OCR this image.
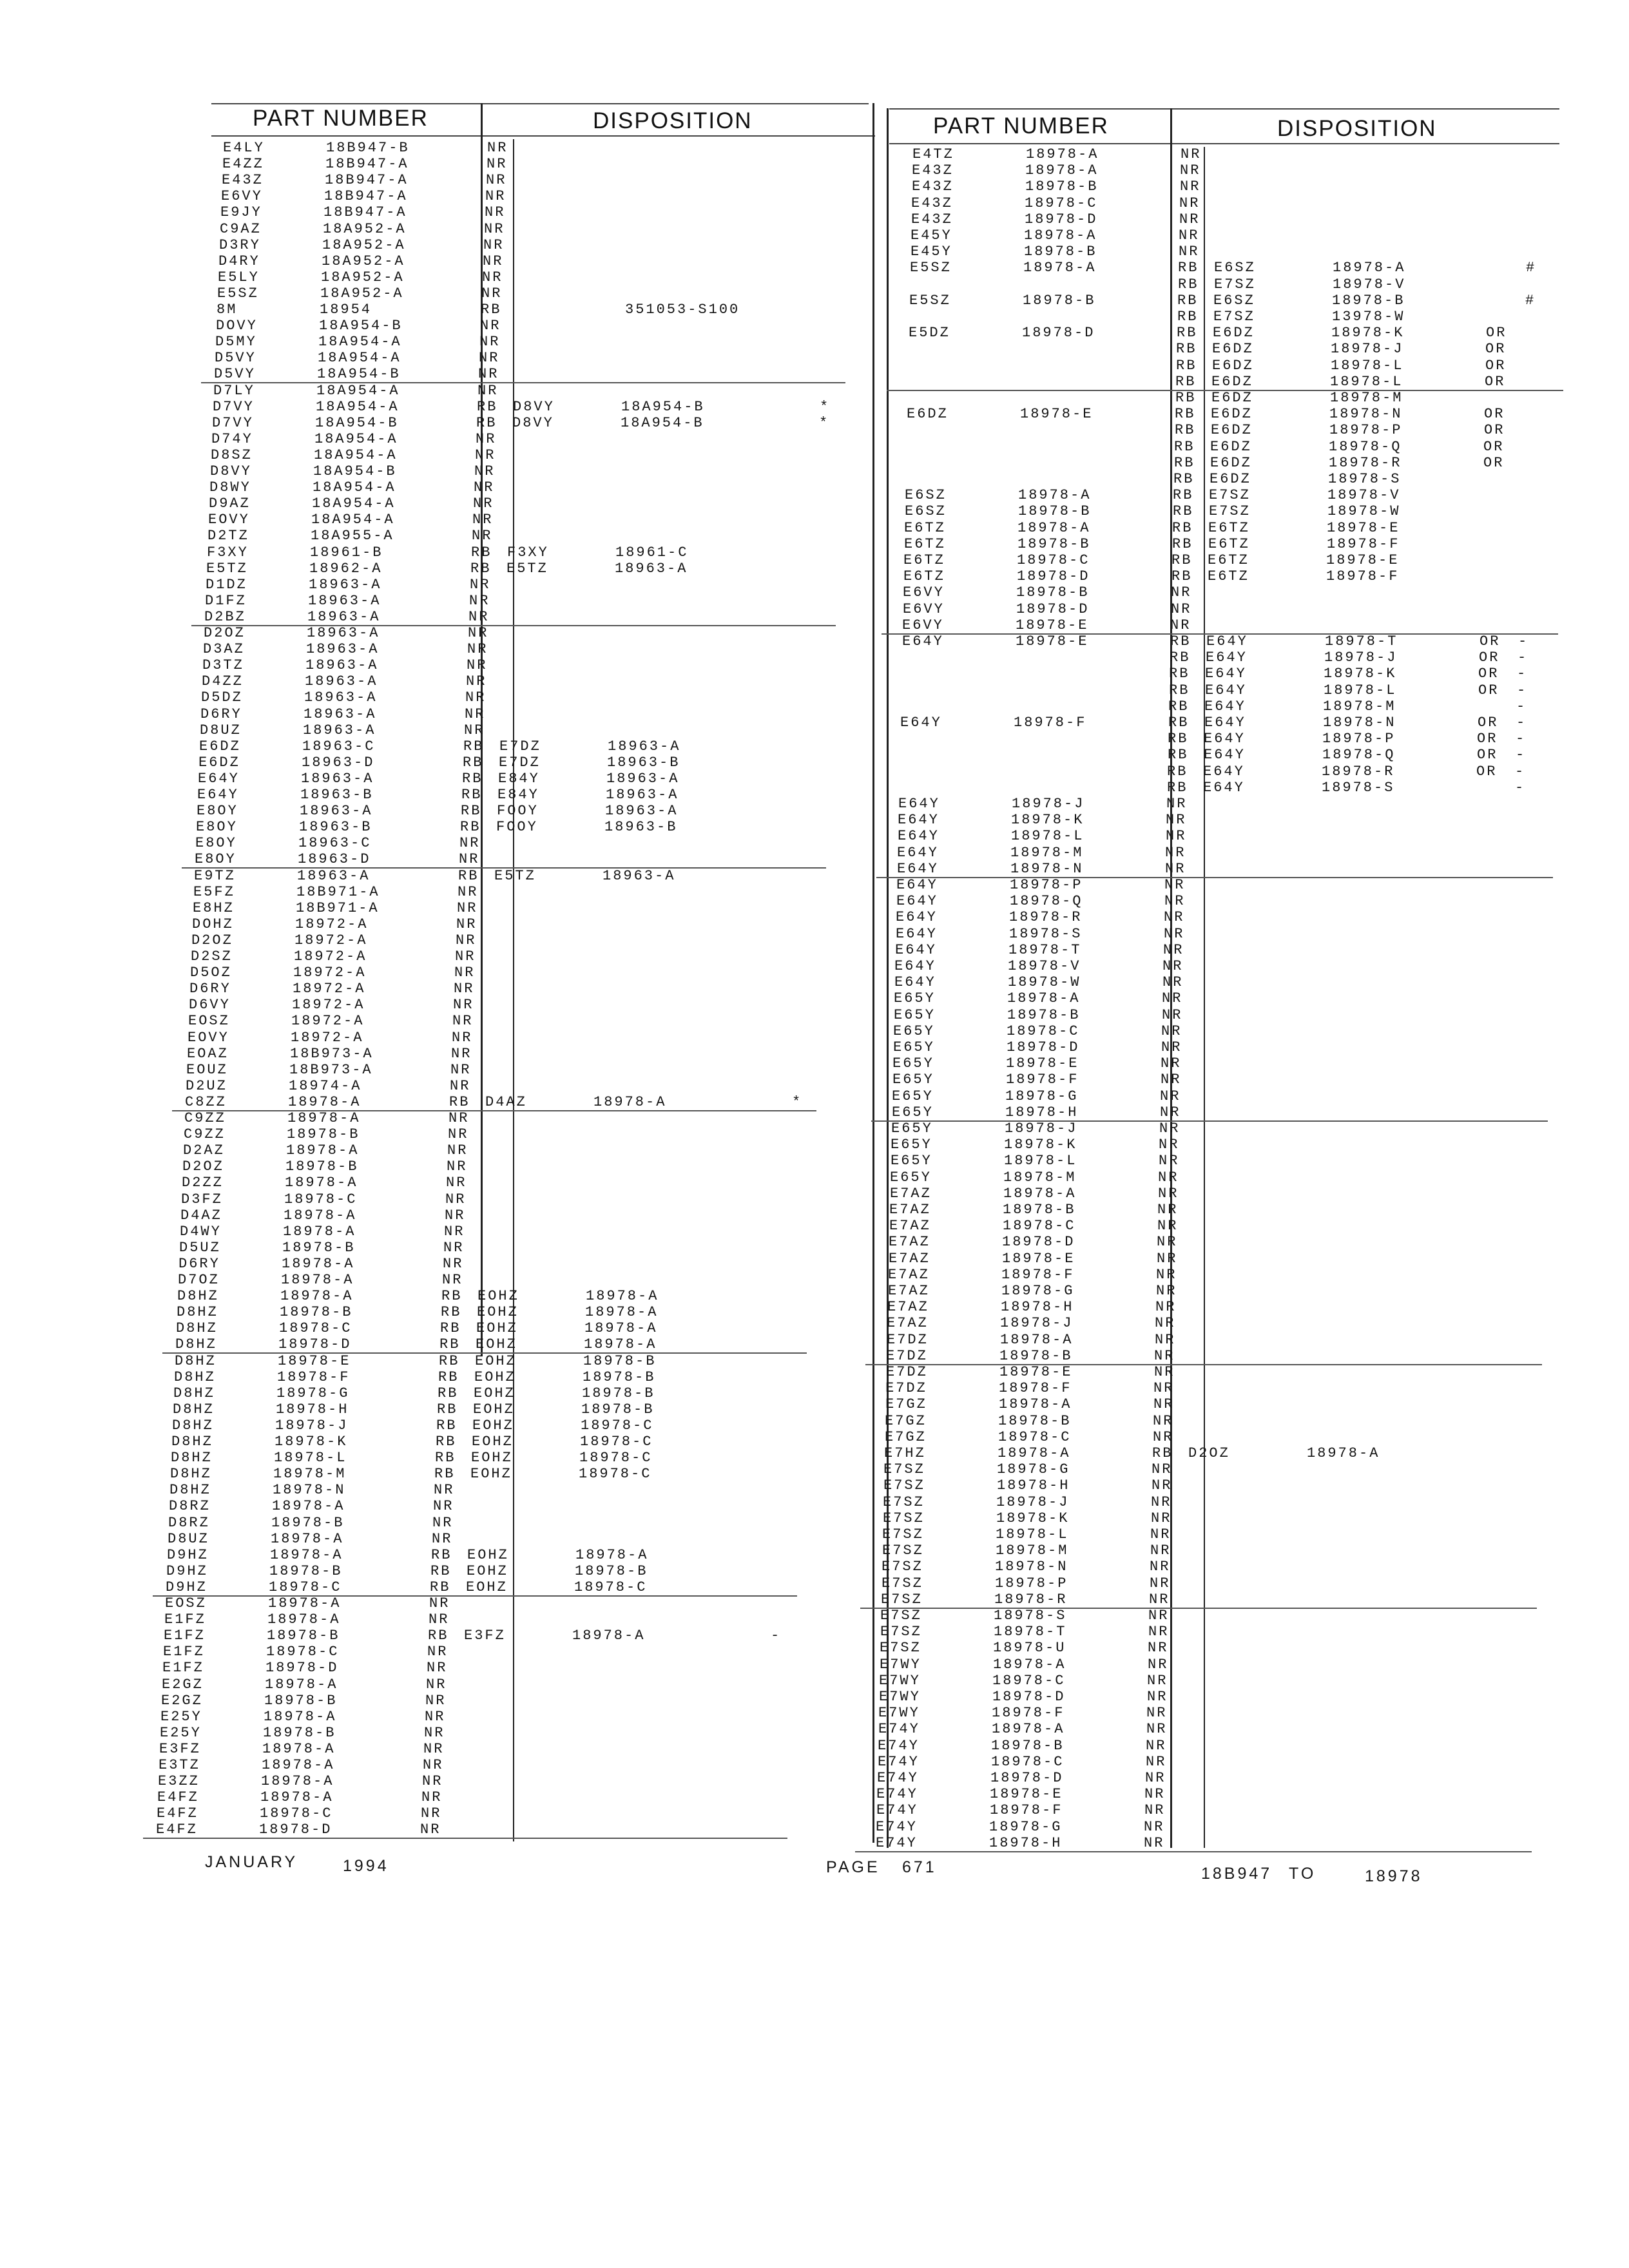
PART NUMBER	DISPOSITION	PART NUMBER	DISPOSITION
E4LY	18B947-B	NR
E4ZZ	18B947-A	NR
E43Z	18B947-A	NR
E6VY	18B947-A	NR
E9JY	18B947-A	NR
C9AZ	18A952-A	NR
D3RY	18A952-A	NR
D4RY	18A952-A	NR
E5LY	18A952-A	NR
E5SZ	18A952-A	NR
8M	18954	RB	351053-S100
DOVY	18A954-B	NR
D5MY	18A954-A	NR
D5VY	18A954-A	NR
D5VY	18A954-B	NR
D7LY	18A954-A	NR
D7VY	18A954-A	RB D8VY	18A954-B	*
D7VY	18A954-B	RB D8VY	18A954-B	*
D74Y	18A954-A	NR
D8SZ	18A954-A	NR
D8VY	18A954-B	NR
D8WY	18A954-A	NR
D9AZ	18A954-A	NR
EOVY	18A954-A	NR
D2TZ	18A955-A	NR
F3XY	18961-B	RB F3XY	18961-C
E5TZ	18962-A	RB E5TZ	18963-A
D1DZ	18963-A	NR
D1FZ	18963-A	NR
D2BZ	18963-A	NR
D2OZ	18963-A	NR
D3AZ	18963-A	NR
D3TZ	18963-A	NR
D4ZZ	18963-A	NR
D5DZ	18963-A	NR
D6RY	18963-A	NR
D8UZ	18963-A	NR
E6DZ	18963-C	RB E7DZ	18963-A
E6DZ	18963-D	RB E7DZ	18963-B
E64Y	18963-A	RB E84Y	18963-A
E64Y	18963-B	RB E84Y	18963-A
E8OY	18963-A	RB FOOY	18963-A
E8OY	18963-B	RB FOOY	18963-B
E8OY	18963-C	NR
E8OY	18963-D	NR
E9TZ	18963-A	RB E5TZ	18963-A
E5FZ	18B971-A	NR
E8HZ	18B971-A	NR
DOHZ	18972-A	NR
D2OZ	18972-A	NR
D2SZ	18972-A	NR
D5OZ	18972-A	NR
D6RY	18972-A	NR
D6VY	18972-A	NR
EOSZ	18972-A	NR
EOVY	18972-A	NR
EOAZ	18B973-A	NR
EOUZ	18B973-A	NR
D2UZ	18974-A	NR
C8ZZ	18978-A	RB D4AZ	18978-A	*
C9ZZ	18978-A	NR
C9ZZ	18978-B	NR
D2AZ	18978-A	NR
D2OZ	18978-B	NR
D2ZZ	18978-A	NR
D3FZ	18978-C	NR
D4AZ	18978-A	NR
D4WY	18978-A	NR
D5UZ	18978-B	NR
D6RY	18978-A	NR
D7OZ	18978-A	NR
D8HZ	18978-A	RB EOHZ	18978-A
D8HZ	18978-B	RB EOHZ	18978-A
D8HZ	18978-C	RB EOHZ	18978-A
D8HZ	18978-D	RB EOHZ	18978-A
D8HZ	18978-E	RB EOHZ	18978-B
D8HZ	18978-F	RB EOHZ	18978-B
D8HZ	18978-G	RB EOHZ	18978-B
D8HZ	18978-H	RB EOHZ	18978-B
D8HZ	18978-J	RB EOHZ	18978-C
D8HZ	18978-K	RB EOHZ	18978-C
D8HZ	18978-L	RB EOHZ	18978-C
D8HZ	18978-M	RB EOHZ	18978-C
D8HZ	18978-N	NR
D8RZ	18978-A	NR
D8RZ	18978-B	NR
D8UZ	18978-A	NR
D9HZ	18978-A	RB EOHZ	18978-A
D9HZ	18978-B	RB EOHZ	18978-B
D9HZ	18978-C	RB EOHZ	18978-C
EOSZ	18978-A	NR
E1FZ	18978-A	NR
E1FZ	18978-B	RB E3FZ	18978-A	-
E1FZ	18978-C	NR
E1FZ	18978-D	NR
E2GZ	18978-A	NR
E2GZ	18978-B	NR
E25Y	18978-A	NR
E25Y	18978-B	NR
E3FZ	18978-A	NR
E3TZ	18978-A	NR
E3ZZ	18978-A	NR
E4FZ	18978-A	NR
E4FZ	18978-C	NR
E4FZ	18978-D	NR
E4TZ	18978-A	NR
E43Z	18978-A	NR
E43Z	18978-B	NR
E43Z	18978-C	NR
E43Z	18978-D	NR
E45Y	18978-A	NR
E45Y	18978-B	NR
E5SZ	18978-A	RB E6SZ	18978-A	#
RB E7SZ	18978-V
E5SZ	18978-B	RB E6SZ	18978-B	#
RB E7SZ	13978-W
E5DZ	18978-D	RB E6DZ	18978-K	OR
RB E6DZ	18978-J	OR
RB E6DZ	18978-L	OR
RB E6DZ	18978-L	OR
RB E6DZ	18978-M
E6DZ	18978-E	RB E6DZ	18978-N	OR
RB E6DZ	18978-P	OR
RB E6DZ	18978-Q	OR
RB E6DZ	18978-R	OR
RB E6DZ	18978-S
E6SZ	18978-A	RB E7SZ	18978-V
E6SZ	18978-B	RB E7SZ	18978-W
E6TZ	18978-A	RB E6TZ	18978-E
E6TZ	18978-B	RB E6TZ	18978-F
E6TZ	18978-C	RB E6TZ	18978-E
E6TZ	18978-D	RB E6TZ	18978-F
E6VY	18978-B	NR
E6VY	18978-D	NR
E6VY	18978-E	NR
E64Y	18978-E	RB E64Y	18978-T	OR -
RB E64Y	18978-J	OR -
RB E64Y	18978-K	OR -
RB E64Y	18978-L	OR -
RB E64Y	18978-M	-
E64Y	18978-F	RB E64Y	18978-N	OR -
RB E64Y	18978-P	OR -
RB E64Y	18978-Q	OR -
RB E64Y	18978-R	OR -
RB E64Y	18978-S	-
E64Y	18978-J	NR
E64Y	18978-K	NR
E64Y	18978-L	NR
E64Y	18978-M	NR
E64Y	18978-N	NR
E64Y	18978-P	NR
E64Y	18978-Q	NR
E64Y	18978-R	NR
E64Y	18978-S	NR
E64Y	18978-T	NR
E64Y	18978-V	NR
E64Y	18978-W	NR
E65Y	18978-A	NR
E65Y	18978-B	NR
E65Y	18978-C	NR
E65Y	18978-D	NR
E65Y	18978-E	NR
E65Y	18978-F	NR
E65Y	18978-G	NR
E65Y	18978-H	NR
E65Y	18978-J	NR
E65Y	18978-K	NR
E65Y	18978-L	NR
E65Y	18978-M	NR
E7AZ	18978-A	NR
E7AZ	18978-B	NR
E7AZ	18978-C	NR
E7AZ	18978-D	NR
E7AZ	18978-E	NR
E7AZ	18978-F	NR
E7AZ	18978-G	NR
E7AZ	18978-H	NR
E7AZ	18978-J	NR
E7DZ	18978-A	NR
E7DZ	18978-B	NR
E7DZ	18978-E	NR
E7DZ	18978-F	NR
E7GZ	18978-A	NR
E7GZ	18978-B	NR
E7GZ	18978-C	NR
E7HZ	18978-A	RB D2OZ	18978-A
E7SZ	18978-G	NR
E7SZ	18978-H	NR
E7SZ	18978-J	NR
E7SZ	18978-K	NR
E7SZ	18978-L	NR
E7SZ	18978-M	NR
E7SZ	18978-N	NR
E7SZ	18978-P	NR
E7SZ	18978-R	NR
E7SZ	18978-S	NR
E7SZ	18978-T	NR
E7SZ	18978-U	NR
E7WY	18978-A	NR
E7WY	18978-C	NR
E7WY	18978-D	NR
E7WY	18978-F	NR
E74Y	18978-A	NR
E74Y	18978-B	NR
E74Y	18978-C	NR
E74Y	18978-D	NR
E74Y	18978-E	NR
E74Y	18978-F	NR
E74Y	18978-G	NR
E74Y	18978-H	NR
JANUARY	1994	PAGE 671	18B947 TO	18978
